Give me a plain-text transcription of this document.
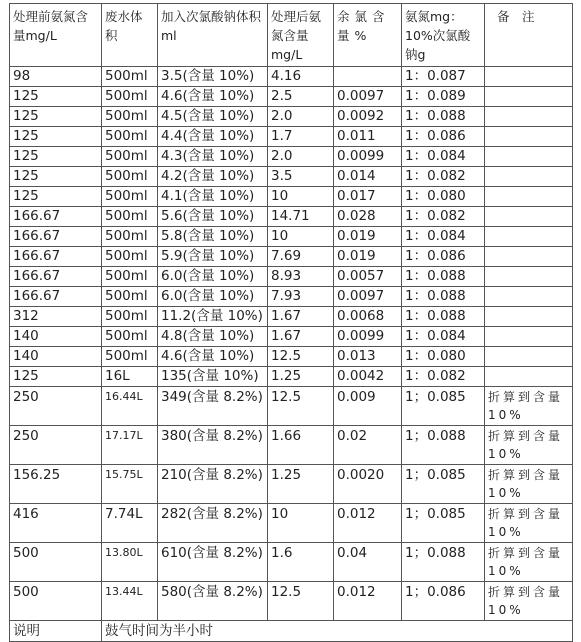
处理前氨氮含量mg/L	废水体积	加入次氯酸钠体积 ml	处理后氨氮含量mg/L	余氯含量%	氨氮mg：10%次氯酸钠g	备　注
98	500ml	3.5(含量 10%)	4.16		1：0.087	
125	500ml	4.6(含量 10%)	2.5	0.0097	1：0.089	
125	500ml	4.5(含量 10%)	2.0	0.0092	1：0.088	
125	500ml	4.4(含量 10%)	1.7	0.011	1：0.086	
125	500ml	4.3(含量 10%)	2.0	0.0099	1：0.084	
125	500ml	4.2(含量 10%)	3.5	0.014	1：0.082	
125	500ml	4.1(含量 10%)	10	0.017	1：0.080	
166.67	500ml	5.6(含量 10%)	14.71	0.028	1：0.082	
166.67	500ml	5.8(含量 10%)	10	0.019	1：0.084	
166.67	500ml	5.9(含量 10%)	7.69	0.019	1：0.086	
166.67	500ml	6.0(含量 10%)	8.93	0.0057	1：0.088	
166.67	500ml	6.0(含量 10%)	7.93	0.0097	1：0.088	
312	500ml	11.2(含量 10%)	1.67	0.0068	1：0.088	
140	500ml	4.8(含量 10%)	1.67	0.0099	1：0.084	
140	500ml	4.6(含量 10%)	12.5	0.013	1：0.080	
125	16L	135(含量 10%)	1.25	0.0042	1：0.082	
250	16.44L	349(含量 8.2%)	12.5	0.009	1；0.085	折算到含量10%
250	17.17L	380(含量 8.2%)	1.66	0.02	1；0.088	折算到含量10%
156.25	15.75L	210(含量 8.2%)	1.25	0.0020	1；0.085	折算到含量10%
416	7.74L	282(含量 8.2%)	10	0.012	1；0.085	折算到含量10%
500	13.80L	610(含量 8.2%)	1.6	0.04	1；0.088	折算到含量10%
500	13.44L	580(含量 8.2%)	12.5	0.012	1；0.086	折算到含量10%
说明	鼓气时间为半小时					
